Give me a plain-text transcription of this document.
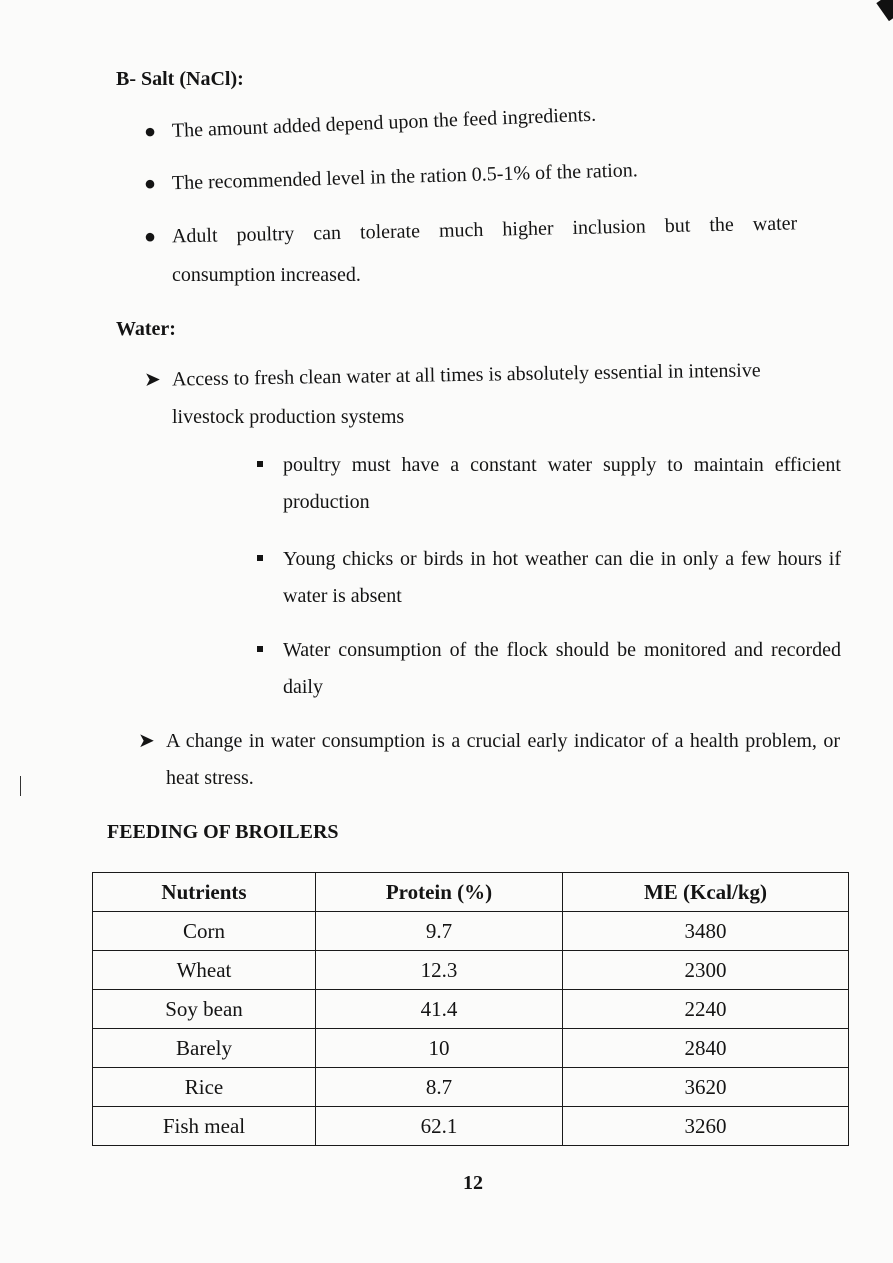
B- Salt (NaCl):
● The amount added depend upon the feed ingredients.
● The recommended level in the ration 0.5-1% of the ration.
● Adult poultry can tolerate much higher inclusion but the water
consumption increased.
Water:
➤ Access to fresh clean water at all times is absolutely essential in intensive
livestock production systems
poultry must have a constant water supply to maintain efficient production
Young chicks or birds in hot weather can die in only a few hours if water is absent
Water consumption of the flock should be monitored and recorded daily
➤ A change in water consumption is a crucial early indicator of a health problem, or heat stress.
FEEDING OF BROILERS
Nutrients	Protein (%)	ME (Kcal/kg)
Corn	9.7	3480
Wheat	12.3	2300
Soy bean	41.4	2240
Barely	10	2840
Rice	8.7	3620
Fish meal	62.1	3260
12
